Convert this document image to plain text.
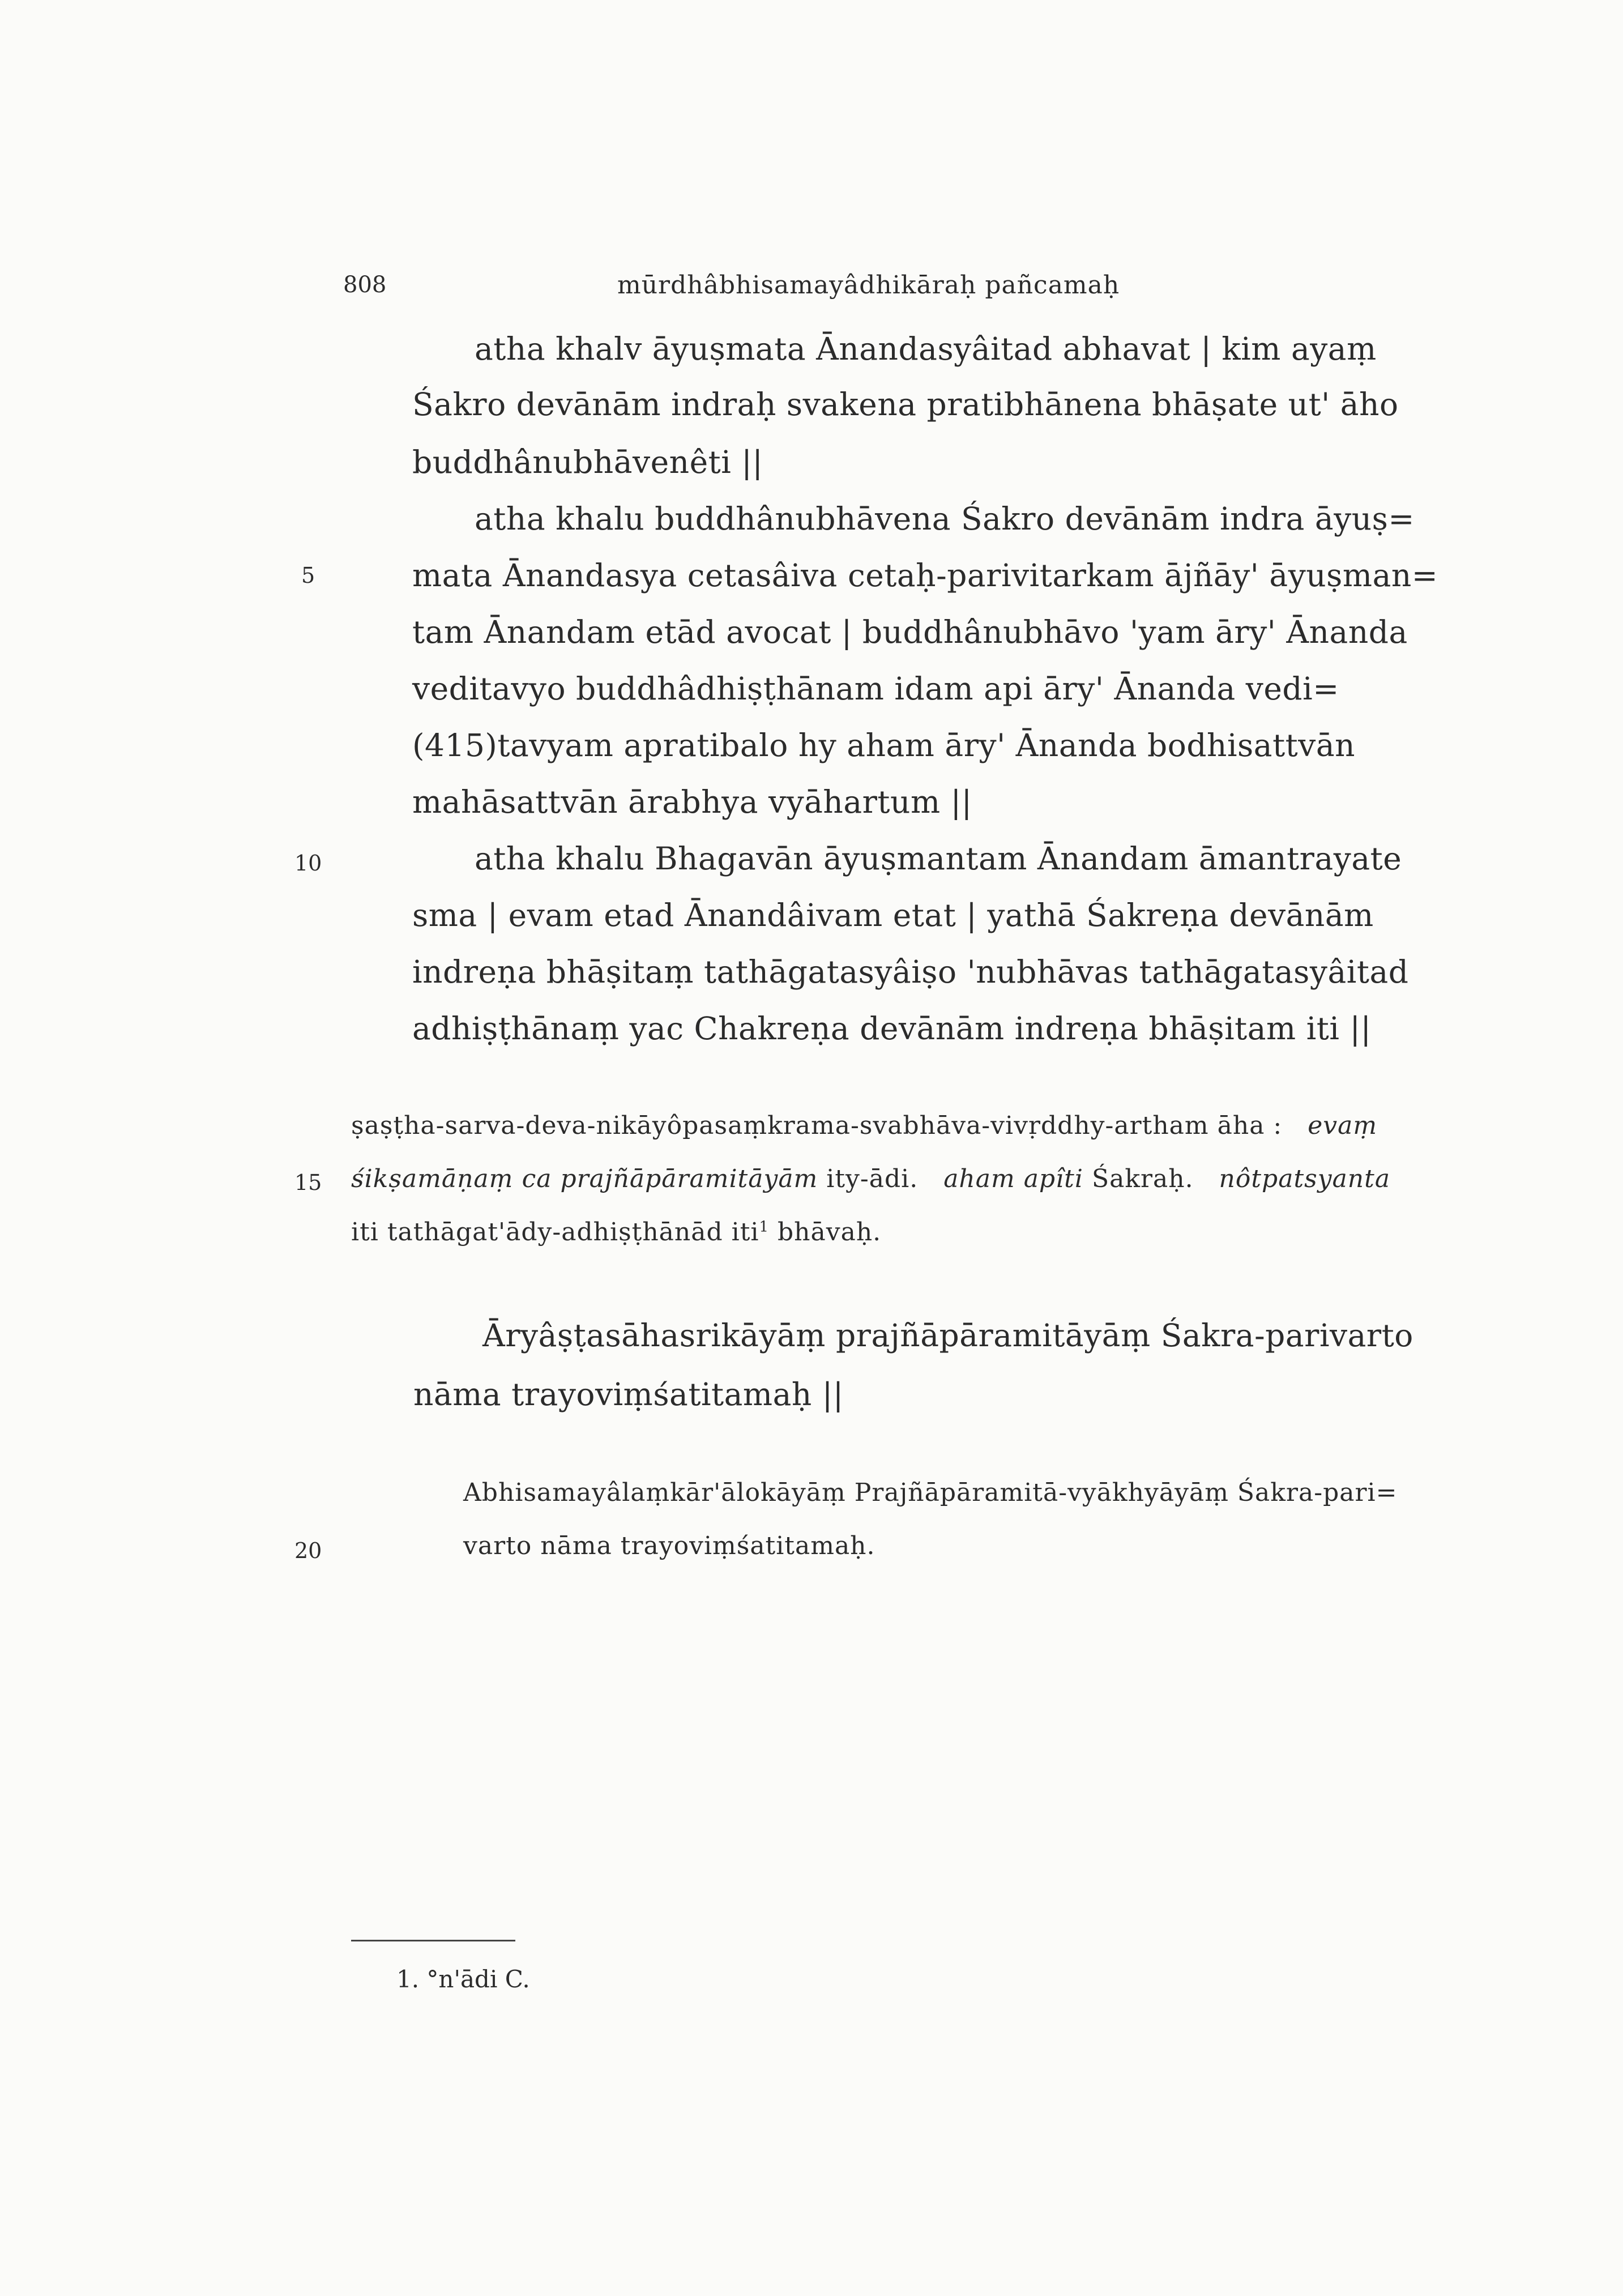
808	mūrdhâbhisamayâdhikāraḥ pañcamaḥ
atha khalv āyuṣmata Ānandasyâitad abhavat | kim ayaṃ
Śakro devānām indraḥ svakena pratibhānena bhāṣate ut' āho
buddhânubhāvenêti ||
atha khalu buddhânubhāvena Śakro devānām indra āyuṣ=
mata Ānandasya cetasâiva cetaḥ-parivitarkam ājñāy' āyuṣman=
tam Ānandam etād avocat | buddhânubhāvo 'yam āry' Ānanda
veditavyo buddhâdhiṣṭhānam idam api āry' Ānanda vedi=
(415)tavyam apratibalo hy aham āry' Ānanda bodhisattvān
mahāsattvān ārabhya vyāhartum ||
atha khalu Bhagavān āyuṣmantam Ānandam āmantrayate
sma | evam etad Ānandâivam etat | yathā Śakreṇa devānām
indreṇa bhāṣitaṃ tathāgatasyâiṣo 'nubhāvas tathāgatasyâitad
adhiṣṭhānaṃ yac Chakreṇa devānām indreṇa bhāṣitam iti ||
ṣaṣṭha-sarva-deva-nikāyôpasaṃkrama-svabhāva-vivṛddhy-artham āha : evaṃ
śikṣamāṇaṃ ca prajñāpāramitāyām ity-ādi. aham apîti Śakraḥ. nôtpatsyanta
iti tathāgat'ādy-adhiṣṭhānād iti$^1$ bhāvaḥ.
Āryâṣṭasāhasrikāyāṃ prajñāpāramitāyāṃ Śakra-parivarto
nāma trayoviṃśatitamaḥ ||
Abhisamayâlaṃkār'ālokāyāṃ Prajñāpāramitā-vyākhyāyāṃ Śakra-pari=
varto nāma trayoviṃśatitamaḥ.
5
10
15
20
1. °n'ādi C.
